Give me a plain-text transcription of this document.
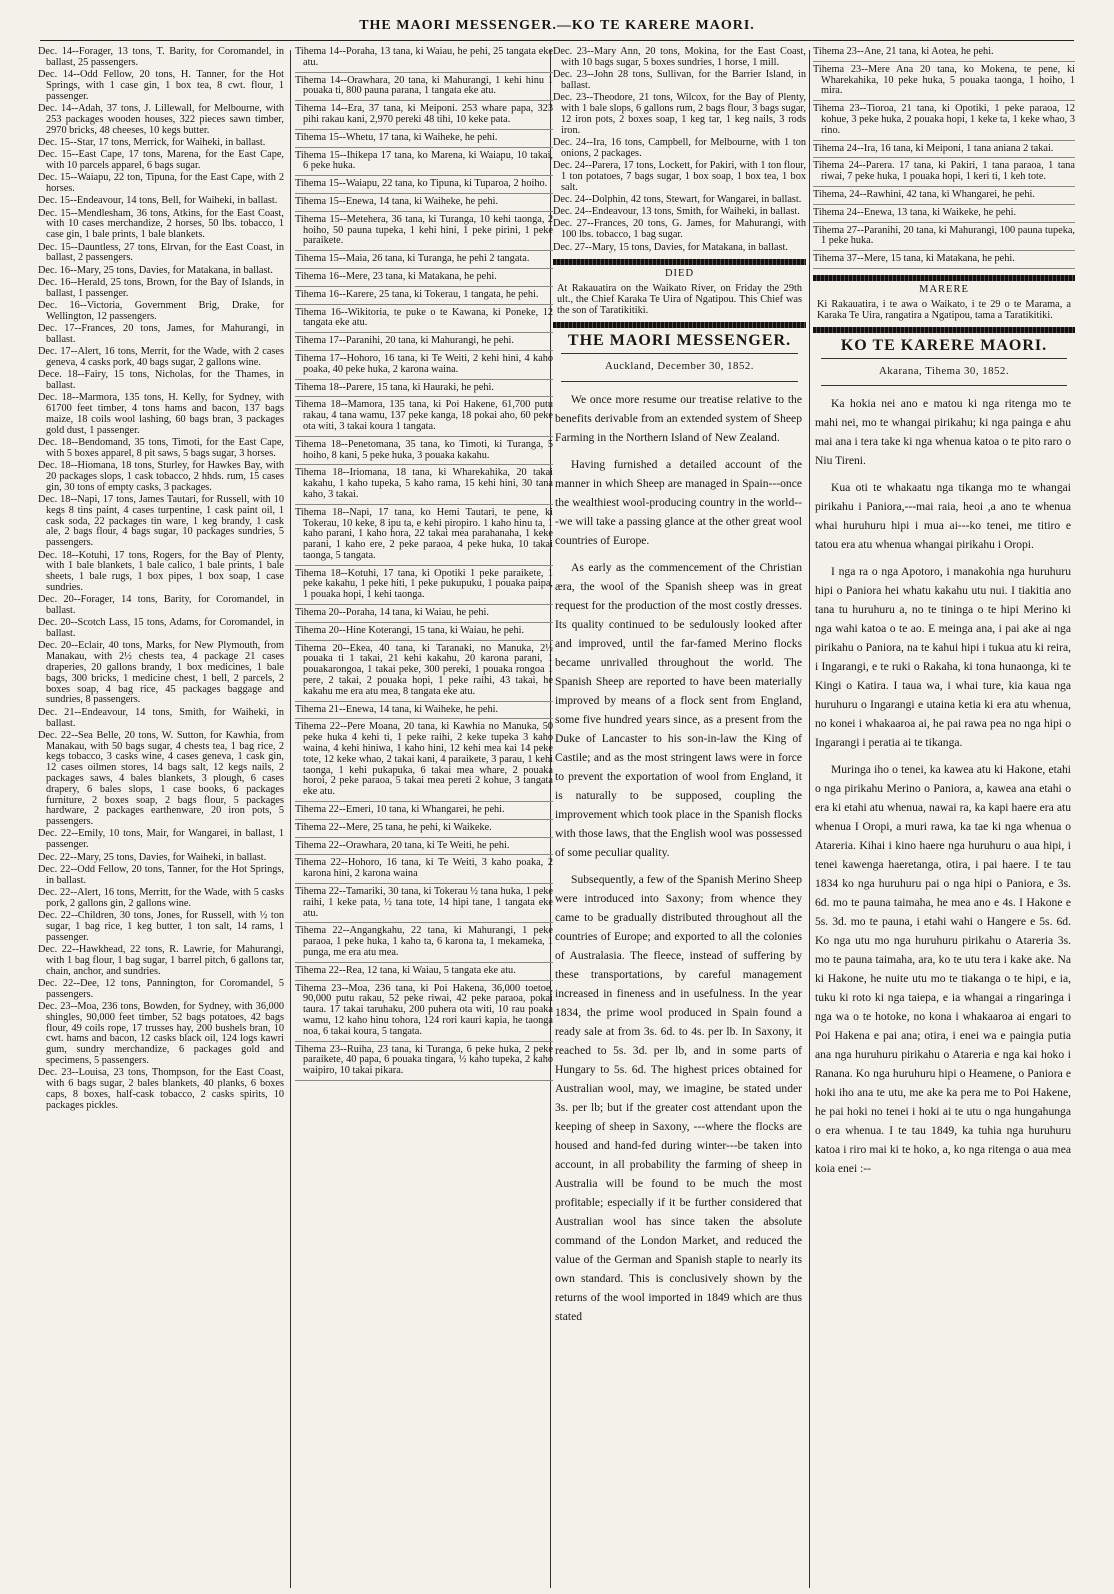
THE MAORI MESSENGER.—KO TE KARERE MAORI.
Dec. 14--Forager, 13 tons, T. Barity, for Coromandel, in ballast, 25 passengers.
Dec. 14--Odd Fellow, 20 tons, H. Tanner, for the Hot Springs, with 1 case gin, 1 box tea, 8 cwt. flour, 1 passenger.
Dec. 14--Adah, 37 tons, J. Lillewall, for Melbourne, with 253 packages wooden houses, 322 pieces sawn timber, 2970 bricks, 48 cheeses, 10 kegs butter.
Dec. 15--Star, 17 tons, Merrick, for Waiheki, in ballast.
Dec. 15--East Cape, 17 tons, Marena, for the East Cape, with 10 parcels apparel, 6 bags sugar.
Dec. 15--Waiapu, 22 ton, Tipuna, for the East Cape, with 2 horses.
Dec. 15--Endeavour, 14 tons, Bell, for Waiheki, in ballast.
Dec. 15--Mendlesham, 36 tons, Atkins, for the East Coast, with 10 cases merchandize, 2 horses, 50 lbs. tobacco, 1 case gin, 1 bale prints, 1 bale blankets.
Dec. 15--Dauntless, 27 tons, Elrvan, for the East Coast, in ballast, 2 passengers.
Dec. 16--Mary, 25 tons, Davies, for Matakana, in ballast.
Dec. 16--Herald, 25 tons, Brown, for the Bay of Islands, in ballast, 1 passenger.
Dec. 16--Victoria, Government Brig, Drake, for Wellington, 12 passengers.
Dec. 17--Frances, 20 tons, James, for Mahurangi, in ballast.
Dec. 17--Alert, 16 tons, Merrit, for the Wade, with 2 cases geneva, 4 casks pork, 40 bags sugar, 2 gallons wine.
Dece. 18--Fairy, 15 tons, Nicholas, for the Thames, in ballast.
Dec. 18--Marmora, 135 tons, H. Kelly, for Sydney, with 61700 feet timber, 4 tons hams and bacon, 137 bags maize, 18 coils wool lashing, 60 bags bran, 3 packages gold dust, 1 passenger.
Dec. 18--Bendomand, 35 tons, Timoti, for the East Cape, with 5 boxes apparel, 8 pit saws, 5 bags sugar, 3 horses.
Dec. 18--Hiomana, 18 tons, Sturley, for Hawkes Bay, with 20 packages slops, 1 cask tobacco, 2 hhds. rum, 15 cases gin, 30 tons of empty casks, 3 packages.
Dec. 18--Napi, 17 tons, James Tautari, for Russell, with 10 kegs 8 tins paint, 4 cases turpentine, 1 cask paint oil, 1 cask soda, 22 packages tin ware, 1 keg brandy, 1 cask ale, 2 bags flour, 4 bags sugar, 10 packages sundries, 5 passengers.
Dec. 18--Kotuhi, 17 tons, Rogers, for the Bay of Plenty, with 1 bale blankets, 1 bale calico, 1 bale prints, 1 bale sheets, 1 bale rugs, 1 box pipes, 1 box soap, 1 case sundries.
Dec. 20--Forager, 14 tons, Barity, for Coromandel, in ballast.
Dec. 20--Scotch Lass, 15 tons, Adams, for Coromandel, in ballast.
Dec. 20--Eclair, 40 tons, Marks, for New Plymouth, from Manakau, with 2½ chests tea, 4 package 21 cases draperies, 20 gallons brandy, 1 box medicines, 1 bale bags, 300 bricks, 1 medicine chest, 1 bell, 2 parcels, 2 boxes soap, 4 bag rice, 45 packages baggage and sundries, 8 passengers.
Dec. 21--Endeavour, 14 tons, Smith, for Waiheki, in ballast.
Dec. 22--Sea Belle, 20 tons, W. Sutton, for Kawhia, from Manakau, with 50 bags sugar, 4 chests tea, 1 bag rice, 2 kegs tobacco, 3 casks wine, 4 cases geneva, 1 cask gin, 12 cases oilmen stores, 14 bags salt, 12 kegs nails, 2 packages saws, 4 bales blankets, 3 plough, 6 cases drapery, 6 bales slops, 1 case books, 6 packages furniture, 2 boxes soap, 2 bags flour, 5 packages hardware, 2 packages earthenware, 20 iron pots, 5 passengers.
Dec. 22--Emily, 10 tons, Mair, for Wangarei, in ballast, 1 passenger.
Dec. 22--Mary, 25 tons, Davies, for Waiheki, in ballast.
Dec. 22--Odd Fellow, 20 tons, Tanner, for the Hot Springs, in ballast.
Dec. 22--Alert, 16 tons, Merritt, for the Wade, with 5 casks pork, 2 gallons gin, 2 gallons wine.
Dec. 22--Children, 30 tons, Jones, for Russell, with ½ ton sugar, 1 bag rice, 1 keg butter, 1 ton salt, 14 rams, 1 passenger.
Dec. 22--Hawkhead, 22 tons, R. Lawrie, for Mahurangi, with 1 bag flour, 1 bag sugar, 1 barrel pitch, 6 gallons tar, chain, anchor, and sundries.
Dec. 22--Dee, 12 tons, Pannington, for Coromandel, 5 passengers.
Dec. 23--Moa, 236 tons, Bowden, for Sydney, with 36,000 shingles, 90,000 feet timber, 52 bags potatoes, 42 bags flour, 49 coils rope, 17 trusses hay, 200 bushels bran, 10 cwt. hams and bacon, 12 casks black oil, 124 logs kawri gum, sundry merchandize, 6 packages gold and specimens, 5 passengers.
Dec. 23--Louisa, 23 tons, Thompson, for the East Coast, with 6 bags sugar, 2 bales blankets, 40 planks, 6 boxes caps, 8 boxes, half-cask tobacco, 2 casks spirits, 10 packages pickles.
Tihema 14--Poraha, 13 tana, ki Waiau, he pehi, 25 tangata eke atu.
Tihema 14--Orawhara, 20 tana, ki Mahurangi, 1 kehi hinu 1 pouaka ti, 800 pauna parana, 1 tangata eke atu.
Tihema 14--Era, 37 tana, ki Meiponi. 253 whare papa, 323 pihi rakau kani, 2,970 pereki 48 tihi, 10 keke pata.
Tihema 15--Whetu, 17 tana, ki Waiheke, he pehi.
Tihema 15--Ihikepa 17 tana, ko Marena, ki Waiapu, 10 takai, 6 peke huka.
Tihema 15--Waiapu, 22 tana, ko Tipuna, ki Tuparoa, 2 hoiho.
Tihema 15--Enewa, 14 tana, ki Waiheke, he pehi.
Tihema 15--Metehera, 36 tana, ki Turanga, 10 kehi taonga, 2 hoiho, 50 pauna tupeka, 1 kehi hini, 1 peke pirini, 1 peke paraikete.
Tihema 15--Maia, 26 tana, ki Turanga, he pehi 2 tangata.
Tihema 16--Mere, 23 tana, ki Matakana, he pehi.
Tihema 16--Karere, 25 tana, ki Tokerau, 1 tangata, he pehi.
Tihema 16--Wikitoria, te puke o te Kawana, ki Poneke, 12 tangata eke atu.
Tihema 17--Paranihi, 20 tana, ki Mahurangi, he pehi.
Tihema 17--Hohoro, 16 tana, ki Te Weiti, 2 kehi hini, 4 kaho poaka, 40 peke huka, 2 karona waina.
Tihema 18--Parere, 15 tana, ki Hauraki, he pehi.
Tihema 18--Mamora, 135 tana, ki Poi Hakene, 61,700 putu rakau, 4 tana wamu, 137 peke kanga, 18 pokai aho, 60 peke ota witi, 3 takai koura 1 tangata.
Tihema 18--Penetomana, 35 tana, ko Timoti, ki Turanga, 5 hoiho, 8 kani, 5 peke huka, 3 pouaka kakahu.
Tihema 18--Iriomana, 18 tana, ki Wharekahika, 20 takai kakahu, 1 kaho tupeka, 5 kaho rama, 15 kehi hini, 30 tana kaho, 3 takai.
Tihema 18--Napi, 17 tana, ko Hemi Tautari, te pene, ki Tokerau, 10 keke, 8 ipu ta, e kehi piropiro. 1 kaho hinu ta, 1 kaho parani, 1 kaho hora, 22 takai mea parahanaha, 1 keke parani, 1 kaho ere, 2 peke paraoa, 4 peke huka, 10 takai taonga, 5 tangata.
Tihema 18--Kotuhi, 17 tana, ki Opotiki 1 peke paraikete, 1 peke kakahu, 1 peke hiti, 1 peke pukupuku, 1 pouaka paipa, 1 pouaka hopi, 1 kehi taonga.
Tihema 20--Poraha, 14 tana, ki Waiau, he pehi.
Tihema 20--Hine Koterangi, 15 tana, ki Waiau, he pehi.
Tihema 20--Ekea, 40 tana, ki Taranaki, no Manuka, 2½ pouaka ti 1 takai, 21 kehi kakahu, 20 karona parani, 1 pouakarongoa, 1 takai peke, 300 pereki, 1 pouaka rongoa 1 pere, 2 takai, 2 pouaka hopi, 1 peke raihi, 43 takai, he kakahu me era atu mea, 8 tangata eke atu.
Tihema 21--Enewa, 14 tana, ki Waiheke, he pehi.
Tihema 22--Pere Moana, 20 tana, ki Kawhia no Manuka, 50 peke huka 4 kehi ti, 1 peke raihi, 2 keke tupeka 3 kaho waina, 4 kehi hiniwa, 1 kaho hini, 12 kehi mea kai 14 peke tote, 12 keke whao, 2 takai kani, 4 paraikete, 3 parau, 1 kehi taonga, 1 kehi pukapuka, 6 takai mea whare, 2 pouaka horoi, 2 peke paraoa, 5 takai mea pereti 2 kohue, 3 tangata eke atu.
Tihema 22--Emeri, 10 tana, ki Whangarei, he pehi.
Tihema 22--Mere, 25 tana, he pehi, ki Waikeke.
Tihema 22--Orawhara, 20 tana, ki Te Weiti, he pehi.
Tihema 22--Hohoro, 16 tana, ki Te Weiti, 3 kaho poaka, 2 karona hini, 2 karona waina
Tihema 22--Tamariki, 30 tana, ki Tokerau ½ tana huka, 1 peke raihi, 1 keke pata, ½ tana tote, 14 hipi tane, 1 tangata eke atu.
Tihema 22--Angangkahu, 22 tana, ki Mahurangi, 1 peke paraoa, 1 peke huka, 1 kaho ta, 6 karona ta, 1 mekameka, 1 punga, me era atu mea.
Tihema 22--Rea, 12 tana, ki Waiau, 5 tangata eke atu.
Tihema 23--Moa, 236 tana, ki Poi Hakena, 36,000 toetoe, 90,000 putu rakau, 52 peke riwai, 42 peke paraoa, pokai taura. 17 takai taruhaku, 200 puhera ota witi, 10 rau poaka wamu, 12 kaho hinu tohora, 124 rori kauri kapia, he taonga noa, 6 takai koura, 5 tangata.
Tihema 23--Ruiha, 23 tana, ki Turanga, 6 peke huka, 2 peke paraikete, 40 papa, 6 pouaka tingara, ½ kaho tupeka, 2 kaho waipiro, 10 takai pikara.
Dec. 23--Mary Ann, 20 tons, Mokina, for the East Coast, with 10 bags sugar, 5 boxes sundries, 1 horse, 1 mill.
Dec. 23--John 28 tons, Sullivan, for the Barrier Island, in ballast.
Dec. 23--Theodore, 21 tons, Wilcox, for the Bay of Plenty, with 1 bale slops, 6 gallons rum, 2 bags flour, 3 bags sugar, 12 iron pots, 2 boxes soap, 1 keg tar, 1 keg nails, 3 rods iron.
Dec. 24--Ira, 16 tons, Campbell, for Melbourne, with 1 ton onions, 2 packages.
Dec. 24--Parera, 17 tons, Lockett, for Pakiri, with 1 ton flour, 1 ton potatoes, 7 bags sugar, 1 box soap, 1 box tea, 1 box salt.
Dec. 24--Dolphin, 42 tons, Stewart, for Wangarei, in ballast.
Dec. 24--Endeavour, 13 tons, Smith, for Waiheki, in ballast.
Dec. 27--Frances, 20 tons, G. James, for Mahurangi, with 100 lbs. tobacco, 1 bag sugar.
Dec. 27--Mary, 15 tons, Davies, for Matakana, in ballast.
DIED
At Rakauatira on the Waikato River, on Friday the 29th ult., the Chief Karaka Te Uira of Ngatipou. This Chief was the son of Taratikitiki.
THE MAORI MESSENGER.
Auckland, December 30, 1852.
We once more resume our treatise relative to the benefits derivable from an extended system of Sheep Farming in the Northern Island of New Zealand.
Having furnished a detailed account of the manner in which Sheep are managed in Spain---once the wealthiest wool-producing country in the world---we will take a passing glance at the other great wool countries of Europe.
As early as the commencement of the Christian æra, the wool of the Spanish sheep was in great request for the production of the most costly dresses. Its quality continued to be sedulously looked after and improved, until the far-famed Merino flocks became unrivalled throughout the world. The Spanish Sheep are reported to have been materially improved by means of a flock sent from England, some five hundred years since, as a present from the Duke of Lancaster to his son-in-law the King of Castile; and as the most stringent laws were in force to prevent the exportation of wool from England, it is naturally to be supposed, coupling the improvement which took place in the Spanish flocks with those laws, that the English wool was possessed of some peculiar quality.
Subsequently, a few of the Spanish Merino Sheep were introduced into Saxony; from whence they came to be gradually distributed throughout all the countries of Europe; and exported to all the colonies of Australasia. The fleece, instead of suffering by these transportations, by careful management increased in fineness and in usefulness. In the year 1834, the prime wool produced in Spain found a ready sale at from 3s. 6d. to 4s. per lb. In Saxony, it reached to 5s. 3d. per lb, and in some parts of Hungary to 5s. 6d. The highest prices obtained for Australian wool, may, we imagine, be stated under 3s. per lb; but if the greater cost attendant upon the keeping of sheep in Saxony, ---where the flocks are housed and hand-fed during winter---be taken into account, in all probability the farming of sheep in Australia will be found to be much the most profitable; especially if it be further considered that Australian wool has since taken the absolute command of the London Market, and reduced the value of the German and Spanish staple to nearly its own standard. This is conclusively shown by the returns of the wool imported in 1849 which are thus stated
Tihema 23--Ane, 21 tana, ki Aotea, he pehi.
Tihema 23--Mere Ana 20 tana, ko Mokena, te pene, ki Wharekahika, 10 peke huka, 5 pouaka taonga, 1 hoiho, 1 mira.
Tihema 23--Tioroa, 21 tana, ki Opotiki, 1 peke paraoa, 12 kohue, 3 peke huka, 2 pouaka hopi, 1 keke ta, 1 keke whao, 3 rino.
Tihema 24--Ira, 16 tana, ki Meiponi, 1 tana aniana 2 takai.
Tihema 24--Parera. 17 tana, ki Pakiri, 1 tana paraoa, 1 tana riwai, 7 peke huka, 1 pouaka hopi, 1 keri ti, 1 keh tote.
Tihema, 24--Rawhini, 42 tana, ki Whangarei, he pehi.
Tihema 24--Enewa, 13 tana, ki Waikeke, he pehi.
Tihema 27--Paranihi, 20 tana, ki Mahurangi, 100 pauna tupeka, 1 peke huka.
Tihema 37--Mere, 15 tana, ki Matakana, he pehi.
MARERE
Ki Rakauatira, i te awa o Waikato, i te 29 o te Marama, a Karaka Te Uira, rangatira a Ngatipou, tama a Taratikitiki.
KO TE KARERE MAORI.
Akarana, Tihema 30, 1852.
Ka hokia nei ano e matou ki nga ritenga mo te mahi nei, mo te whangai pirikahu; ki nga painga e ahu mai ana i tera take ki nga whenua katoa o te pito raro o Niu Tireni.
Kua oti te whakaatu nga tikanga mo te whangai pirikahu i Paniora,---mai raia, heoi ,a ano te whenua whai huruhuru hipi i mua ai---ko tenei, me titiro e tatou era atu whenua whangai pirikahu i Oropi.
I nga ra o nga Apotoro, i manakohia nga huruhuru hipi o Paniora hei whatu kakahu utu nui. I tiakitia ano tana tu huruhuru a, no te tininga o te hipi Merino ki nga wahi katoa o te ao. E meinga ana, i pai ake ai nga pirikahu o Paniora, na te kahui hipi i tukua atu ki reira, i Ingarangi, e te ruki o Rakaha, ki tona hunaonga, ki te Kingi o Katira. I taua wa, i whai ture, kia kaua nga huruhuru o Ingarangi e utaina ketia ki era atu whenua, no konei i whakaaroa ai, he pai rawa pea no nga hipi o Ingarangi i peratia ai te tikanga.
Muringa iho o tenei, ka kawea atu ki Hakone, etahi o nga pirikahu Merino o Paniora, a, kawea ana etahi o era ki etahi atu whenua, nawai ra, ka kapi haere era atu whenua I Oropi, a muri rawa, ka tae ki nga whenua o Atareria. Kihai i kino haere nga huruhuru o aua hipi, i tenei kawenga haeretanga, otira, i pai haere. I te tau 1834 ko nga huruhuru pai o nga hipi o Paniora, e 3s. 6d. mo te pauna taimaha, he mea ano e 4s. I Hakone e 5s. 3d. mo te pauna, i etahi wahi o Hangere e 5s. 6d. Ko nga utu mo nga huruhuru pirikahu o Atareria 3s. mo te pauna taimaha, ara, ko te utu tera i kake ake. Na ki Hakone, he nuite utu mo te tiakanga o te hipi, e ia, tuku ki roto ki nga taiepa, e ia whangai a ringaringa i nga wa o te hotoke, no kona i whakaaroa ai engari to Poi Hakena e pai ana; otira, i enei wa e paingia putia ana nga huruhuru pirikahu o Atareria e nga kai hoko i Ranana. Ko nga huruhuru hipi o Heamene, o Paniora e hoki iho ana te utu, me ake ka pera me to Poi Hakene, he pai hoki no tenei i hoki ai te utu o nga hungahunga o era whenua. I te tau 1849, ka tuhia nga huruhuru katoa i riro mai ki te hoko, a, ko nga ritenga o aua mea koia enei :--
